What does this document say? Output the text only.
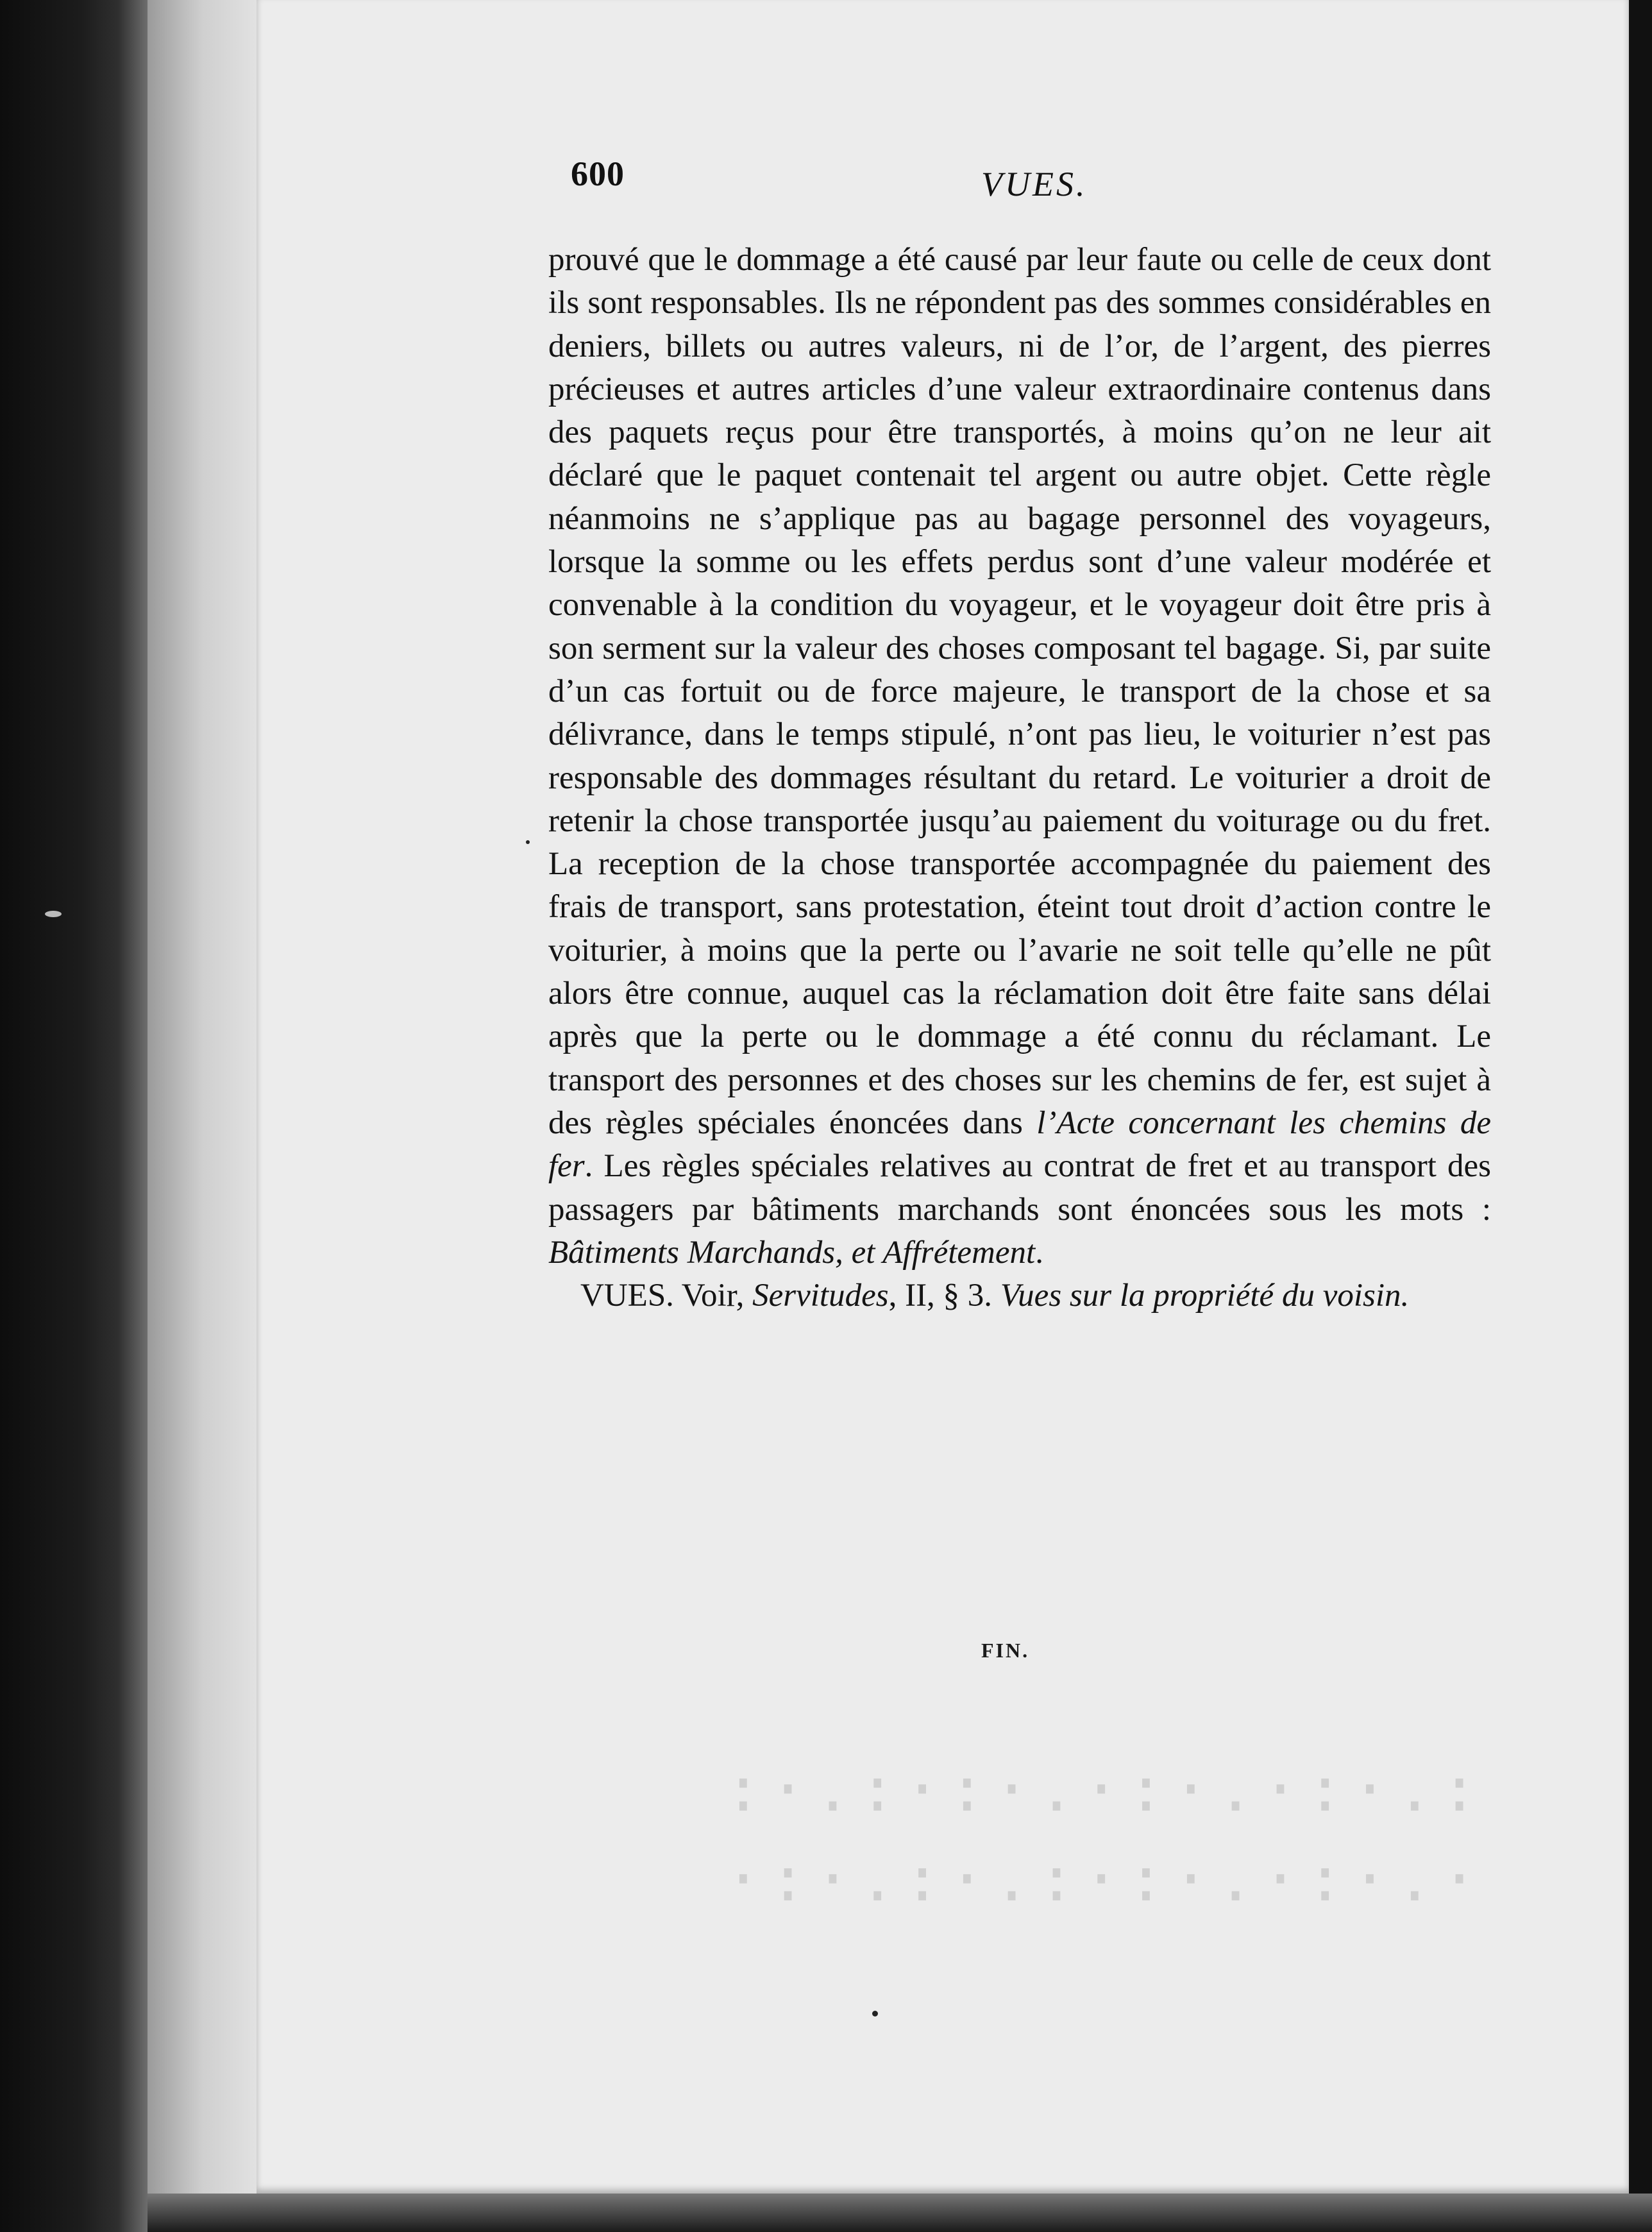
600	VUES.

prouvé que le dommage a été causé par leur faute ou celle de ceux dont ils sont responsables. Ils ne répondent pas des sommes considérables en deniers, billets ou autres valeurs, ni de l’or, de l’argent, des pierres précieuses et autres articles d’une valeur extraordinaire contenus dans des paquets reçus pour être transportés, à moins qu’on ne leur ait déclaré que le paquet contenait tel argent ou autre objet. Cette règle néanmoins ne s’applique pas au bagage personnel des voyageurs, lorsque la somme ou les effets perdus sont d’une valeur modérée et convenable à la condition du voyageur, et le voyageur doit être pris à son serment sur la valeur des choses composant tel bagage. Si, par suite d’un cas fortuit ou de force majeure, le transport de la chose et sa délivrance, dans le temps stipulé, n’ont pas lieu, le voiturier n’est pas responsable des dommages résultant du retard. Le voiturier a droit de retenir la chose transportée jusqu’au paiement du voiturage ou du fret. La reception de la chose transportée accompagnée du paiement des frais de transport, sans protestation, éteint tout droit d’action contre le voiturier, à moins que la perte ou l’avarie ne soit telle qu’elle ne pût alors être connue, auquel cas la réclamation doit être faite sans délai après que la perte ou le dommage a été connu du réclamant. Le transport des personnes et des choses sur les chemins de fer, est sujet à des règles spéciales énoncées dans l’Acte concernant les chemins de fer. Les règles spéciales relatives au contrat de fret et au transport des passagers par bâtiments marchands sont énoncées sous les mots : Bâtiments Marchands, et Affrétement.

VUES. Voir, Servitudes, II, § 3. Vues sur la propriété du voisin.

FIN.
:·.:·:·.·:·.·:·.:
·:·.:·.:·:·.·:·.·
